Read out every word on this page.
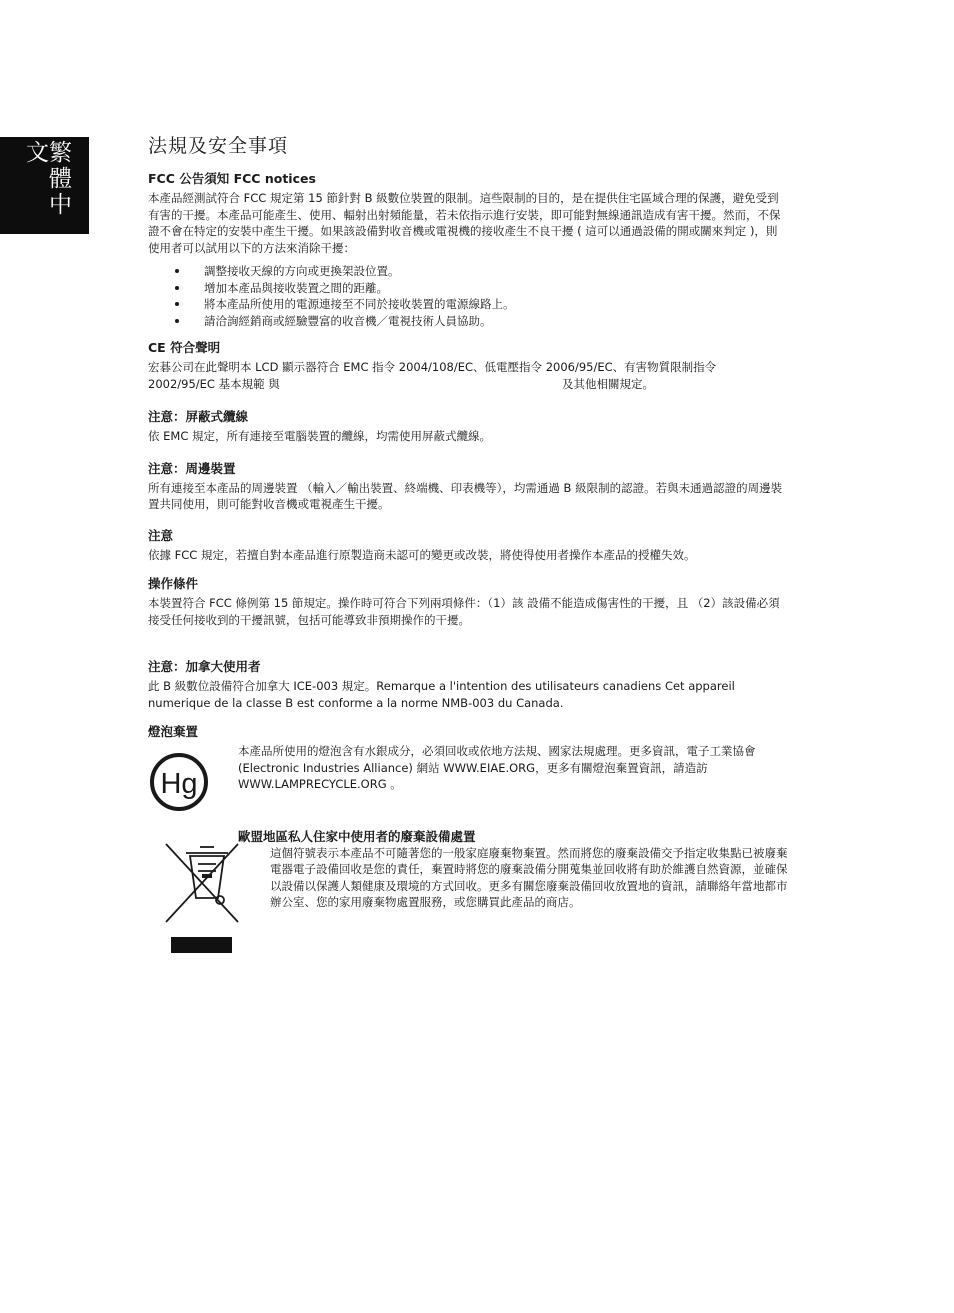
繁體中文	法規及安全事項
FCC 公告須知 FCC notices

本產品經測試符合 FCC 規定第 15 節針對 B 級數位裝置的限制。這些限制的目的，是在提供住宅區域合理的保護，避免受到有害的干擾。本產品可能產生、使用、輻射出射頻能量，若未依指示進行安裝，即可能對無線通訊造成有害干擾。然而，不保證不會在特定的安裝中產生干擾。如果該設備對收音機或電視機的接收產生不良干擾 ( 這可以通過設備的開或關來判定 )，則使用者可以試用以下的方法來消除干擾：

調整接收天線的方向或更換架設位置。
增加本產品與接收裝置之間的距離。
將本產品所使用的電源連接至不同於接收裝置的電源線路上。
請洽詢經銷商或經驗豐富的收音機／電視技術人員協助。
CE 符合聲明

宏碁公司在此聲明本 LCD 顯示器符合 EMC 指令 2004/108/EC、低電壓指令 2006/95/EC、有害物質限制指令

2002/95/EC 基本規範 與	及其他相關規定。

注意：屏蔽式纜線

依 EMC 規定，所有連接至電腦裝置的纜線，均需使用屏蔽式纜線。

注意：周邊裝置

所有連接至本產品的周邊裝置 （輸入／輸出裝置、終端機、印表機等），均需通過 B 級限制的認證。若與未通過認證的周邊裝置共同使用，則可能對收音機或電視產生干擾。

注意

依據 FCC 規定，若擅自對本產品進行原製造商未認可的變更或改裝，將使得使用者操作本產品的授權失效。

操作條件

本裝置符合 FCC 條例第 15 節規定。操作時可符合下列兩項條件：（1）該 設備不能造成傷害性的干擾，且 （2）該設備必須接受任何接收到的干擾訊號，包括可能導致非預期操作的干擾。

注意：加拿大使用者

此 B 級數位設備符合加拿大 ICE-003 規定。Remarque a l'intention des utilisateurs canadiens Cet appareil numerique de la classe B est conforme a la norme NMB-003 du Canada.

燈泡棄置
Hg

本產品所使用的燈泡含有水銀成分，必須回收或依地方法規、國家法規處理。更多資訊，電子工業協會 (Electronic Industries Alliance) 網站 WWW.EIAE.ORG，更多有關燈泡棄置資訊，請造訪 WWW.LAMPRECYCLE.ORG 。

歐盟地區私人住家中使用者的廢棄設備處置

這個符號表示本產品不可隨著您的一般家庭廢棄物棄置。然而將您的廢棄設備交予指定收集點已被廢棄電器電子設備回收是您的責任，棄置時將您的廢棄設備分開蒐集並回收將有助於維護自然資源，並確保以設備以保護人類健康及環境的方式回收。更多有關您廢棄設備回收放置地的資訊，請聯絡年當地都市辦公室、您的家用廢棄物處置服務，或您購買此產品的商店。
